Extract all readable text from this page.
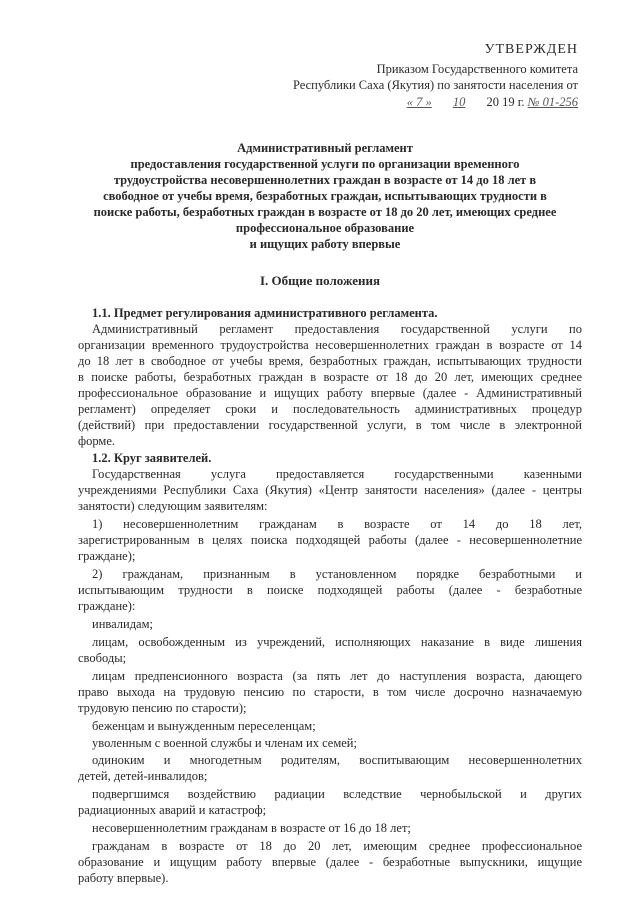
УТВЕРЖДЕН
Приказом Государственного комитета
Республики Саха (Якутия) по занятости населения от
« 7 » 10 20 19 г. № 01-256
Административный регламент
предоставления государственной услуги по организации временного
трудоустройства несовершеннолетних граждан в возрасте от 14 до 18 лет в
свободное от учебы время, безработных граждан, испытывающих трудности в
поиске работы, безработных граждан в возрасте от 18 до 20 лет, имеющих среднее
профессиональное образование
и ищущих работу впервые
I. Общие положения
1.1. Предмет регулирования административного регламента.
Административный регламент предоставления государственной услуги по
организации временного трудоустройства несовершеннолетних граждан в возрасте от 14
до 18 лет в свободное от учебы время, безработных граждан, испытывающих трудности
в поиске работы, безработных граждан в возрасте от 18 до 20 лет, имеющих среднее
профессиональное образование и ищущих работу впервые (далее - Административный
регламент) определяет сроки и последовательность административных процедур
(действий) при предоставлении государственной услуги, в том числе в электронной
форме.
1.2. Круг заявителей.
Государственная услуга предоставляется государственными казенными
учреждениями Республики Саха (Якутия) «Центр занятости населения» (далее - центры
занятости) следующим заявителям:
1) несовершеннолетним гражданам в возрасте от 14 до 18 лет,
зарегистрированным в целях поиска подходящей работы (далее - несовершеннолетние
граждане);
2) гражданам, признанным в установленном порядке безработными и
испытывающим трудности в поиске подходящей работы (далее - безработные
граждане):
инвалидам;
лицам, освобожденным из учреждений, исполняющих наказание в виде лишения
свободы;
лицам предпенсионного возраста (за пять лет до наступления возраста, дающего
право выхода на трудовую пенсию по старости, в том числе досрочно назначаемую
трудовую пенсию по старости);
беженцам и вынужденным переселенцам;
уволенным с военной службы и членам их семей;
одиноким и многодетным родителям, воспитывающим несовершеннолетних
детей, детей-инвалидов;
подвергшимся воздействию радиации вследствие чернобыльской и других
радиационных аварий и катастроф;
несовершеннолетним гражданам в возрасте от 16 до 18 лет;
гражданам в возрасте от 18 до 20 лет, имеющим среднее профессиональное
образование и ищущим работу впервые (далее - безработные выпускники, ищущие
работу впервые).
